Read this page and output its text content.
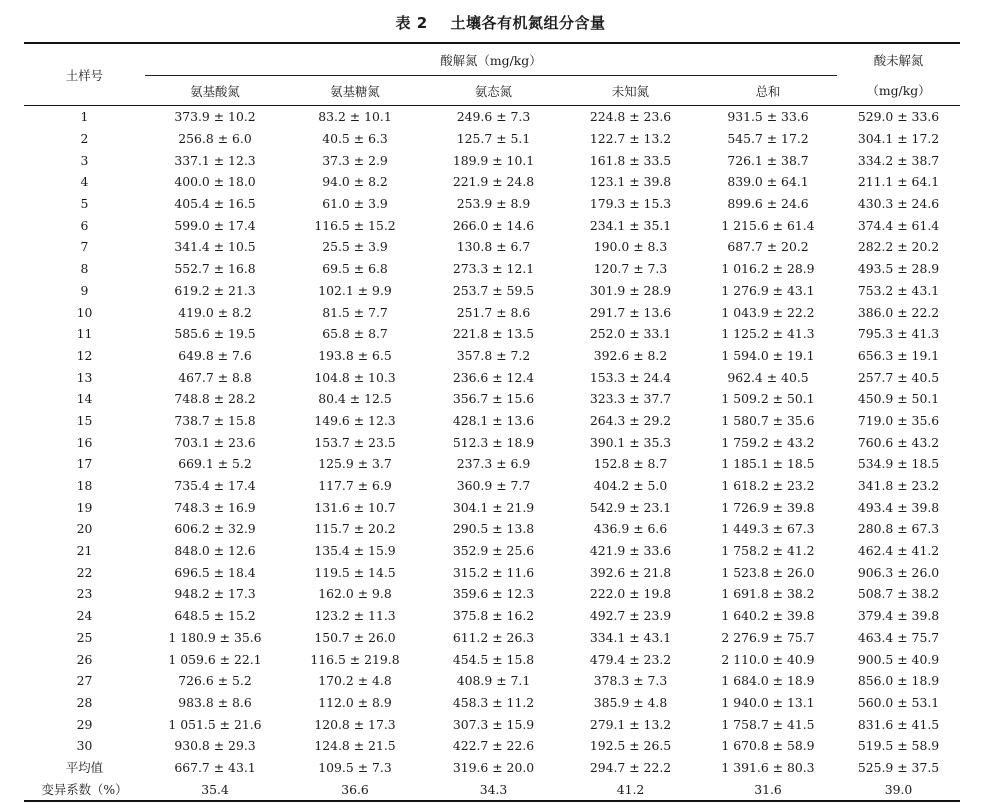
表 2    土壤各有机氮组分含量
土样号	酸解氮（mg/kg）					酸未解氮
	氨基酸氮	氨基糖氮	氨态氮	未知氮	总和	（mg/kg）
1	373.9 ± 10.2	83.2 ± 10.1	249.6 ± 7.3	224.8 ± 23.6	931.5 ± 33.6	529.0 ± 33.6
2	256.8 ± 6.0	40.5 ± 6.3	125.7 ± 5.1	122.7 ± 13.2	545.7 ± 17.2	304.1 ± 17.2
3	337.1 ± 12.3	37.3 ± 2.9	189.9 ± 10.1	161.8 ± 33.5	726.1 ± 38.7	334.2 ± 38.7
4	400.0 ± 18.0	94.0 ± 8.2	221.9 ± 24.8	123.1 ± 39.8	839.0 ± 64.1	211.1 ± 64.1
5	405.4 ± 16.5	61.0 ± 3.9	253.9 ± 8.9	179.3 ± 15.3	899.6 ± 24.6	430.3 ± 24.6
6	599.0 ± 17.4	116.5 ± 15.2	266.0 ± 14.6	234.1 ± 35.1	1 215.6 ± 61.4	374.4 ± 61.4
7	341.4 ± 10.5	25.5 ± 3.9	130.8 ± 6.7	190.0 ± 8.3	687.7 ± 20.2	282.2 ± 20.2
8	552.7 ± 16.8	69.5 ± 6.8	273.3 ± 12.1	120.7 ± 7.3	1 016.2 ± 28.9	493.5 ± 28.9
9	619.2 ± 21.3	102.1 ± 9.9	253.7 ± 59.5	301.9 ± 28.9	1 276.9 ± 43.1	753.2 ± 43.1
10	419.0 ± 8.2	81.5 ± 7.7	251.7 ± 8.6	291.7 ± 13.6	1 043.9 ± 22.2	386.0 ± 22.2
11	585.6 ± 19.5	65.8 ± 8.7	221.8 ± 13.5	252.0 ± 33.1	1 125.2 ± 41.3	795.3 ± 41.3
12	649.8 ± 7.6	193.8 ± 6.5	357.8 ± 7.2	392.6 ± 8.2	1 594.0 ± 19.1	656.3 ± 19.1
13	467.7 ± 8.8	104.8 ± 10.3	236.6 ± 12.4	153.3 ± 24.4	962.4 ± 40.5	257.7 ± 40.5
14	748.8 ± 28.2	80.4 ± 12.5	356.7 ± 15.6	323.3 ± 37.7	1 509.2 ± 50.1	450.9 ± 50.1
15	738.7 ± 15.8	149.6 ± 12.3	428.1 ± 13.6	264.3 ± 29.2	1 580.7 ± 35.6	719.0 ± 35.6
16	703.1 ± 23.6	153.7 ± 23.5	512.3 ± 18.9	390.1 ± 35.3	1 759.2 ± 43.2	760.6 ± 43.2
17	669.1 ± 5.2	125.9 ± 3.7	237.3 ± 6.9	152.8 ± 8.7	1 185.1 ± 18.5	534.9 ± 18.5
18	735.4 ± 17.4	117.7 ± 6.9	360.9 ± 7.7	404.2 ± 5.0	1 618.2 ± 23.2	341.8 ± 23.2
19	748.3 ± 16.9	131.6 ± 10.7	304.1 ± 21.9	542.9 ± 23.1	1 726.9 ± 39.8	493.4 ± 39.8
20	606.2 ± 32.9	115.7 ± 20.2	290.5 ± 13.8	436.9 ± 6.6	1 449.3 ± 67.3	280.8 ± 67.3
21	848.0 ± 12.6	135.4 ± 15.9	352.9 ± 25.6	421.9 ± 33.6	1 758.2 ± 41.2	462.4 ± 41.2
22	696.5 ± 18.4	119.5 ± 14.5	315.2 ± 11.6	392.6 ± 21.8	1 523.8 ± 26.0	906.3 ± 26.0
23	948.2 ± 17.3	162.0 ± 9.8	359.6 ± 12.3	222.0 ± 19.8	1 691.8 ± 38.2	508.7 ± 38.2
24	648.5 ± 15.2	123.2 ± 11.3	375.8 ± 16.2	492.7 ± 23.9	1 640.2 ± 39.8	379.4 ± 39.8
25	1 180.9 ± 35.6	150.7 ± 26.0	611.2 ± 26.3	334.1 ± 43.1	2 276.9 ± 75.7	463.4 ± 75.7
26	1 059.6 ± 22.1	116.5 ± 219.8	454.5 ± 15.8	479.4 ± 23.2	2 110.0 ± 40.9	900.5 ± 40.9
27	726.6 ± 5.2	170.2 ± 4.8	408.9 ± 7.1	378.3 ± 7.3	1 684.0 ± 18.9	856.0 ± 18.9
28	983.8 ± 8.6	112.0 ± 8.9	458.3 ± 11.2	385.9 ± 4.8	1 940.0 ± 13.1	560.0 ± 53.1
29	1 051.5 ± 21.6	120.8 ± 17.3	307.3 ± 15.9	279.1 ± 13.2	1 758.7 ± 41.5	831.6 ± 41.5
30	930.8 ± 29.3	124.8 ± 21.5	422.7 ± 22.6	192.5 ± 26.5	1 670.8 ± 58.9	519.5 ± 58.9
平均值	667.7 ± 43.1	109.5 ± 7.3	319.6 ± 20.0	294.7 ± 22.2	1 391.6 ± 80.3	525.9 ± 37.5
变异系数（%）	35.4	36.6	34.3	41.2	31.6	39.0
